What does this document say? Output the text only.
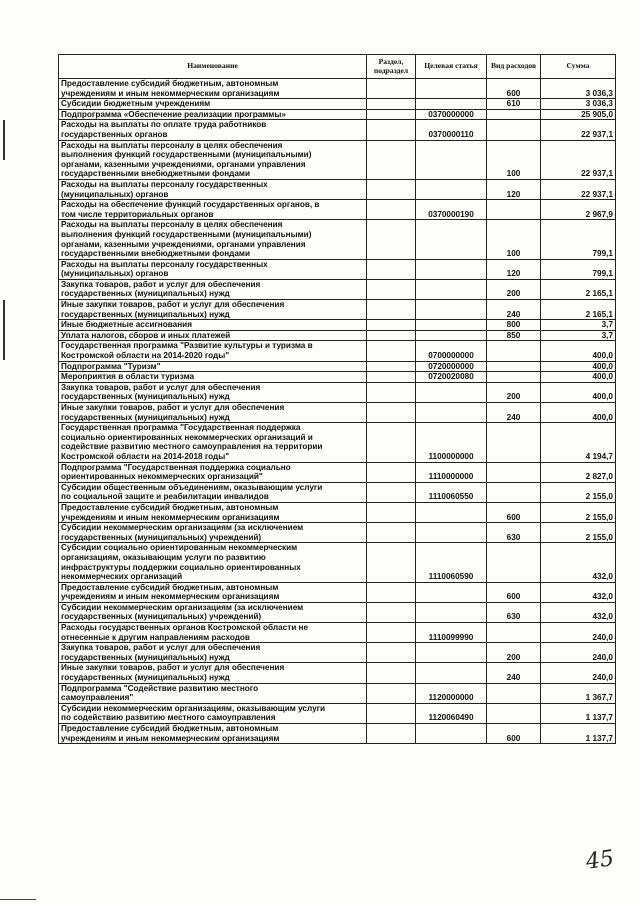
Наименование	Раздел, подраздел	Целевая статья	Вид расходов	Сумма

Предоставление субсидий бюджетным, автономным
учреждениям и иным некоммерческим организациям			600	3 036,3

Субсидии бюджетным учреждениям			610	3 036,3

Подпрограмма «Обеспечение реализации программы»		0370000000		25 905,0

Расходы на выплаты по оплате труда работников
государственных органов		0370000110		22 937,1

Расходы на выплаты персоналу в целях обеспечения
выполнения функций государственными (муниципальными)
органами, казенными учреждениями, органами управления
государственными внебюджетными фондами			100	22 937,1

Расходы на выплаты персоналу государственных
(муниципальных) органов			120	22 937,1

Расходы на обеспечение функций государственных органов, в
том числе территориальных органов		0370000190		2 967,9

Расходы на выплаты персоналу в целях обеспечения
выполнения функций государственными (муниципальными)
органами, казенными учреждениями, органами управления
государственными внебюджетными фондами			100	799,1

Расходы на выплаты персоналу государственных
(муниципальных) органов			120	799,1

Закупка товаров, работ и услуг для обеспечения
государственных (муниципальных) нужд			200	2 165,1

Иные закупки товаров, работ и услуг для обеспечения
государственных (муниципальных) нужд			240	2 165,1

Иные бюджетные ассигнования			800	3,7

Уплата налогов, сборов и иных платежей			850	3,7

Государственная программа "Развитие культуры и туризма в
Костромской области на 2014-2020 годы"		0700000000		400,0

Подпрограмма "Туризм"		0720000000		400,0

Мероприятия в области туризма		0720020080		400,0

Закупка товаров, работ и услуг для обеспечения
государственных (муниципальных) нужд			200	400,0

Иные закупки товаров, работ и услуг для обеспечения
государственных (муниципальных) нужд			240	400,0

Государственная программа "Государственная поддержка
социально ориентированных некоммерческих организаций и
содействие развитию местного самоуправления на территории
Костромской области на 2014-2018 годы"		1100000000		4 194,7

Подпрограмма "Государственная поддержка социально
ориентированных некоммерческих организаций"		1110000000		2 827,0

Субсидии общественным объединениям, оказывающим услуги
по социальной защите и реабилитации инвалидов		1110060550		2 155,0

Предоставление субсидий бюджетным, автономным
учреждениям и иным некоммерческим организациям			600	2 155,0

Субсидии некоммерческим организациям (за исключением
государственных (муниципальных) учреждений)			630	2 155,0

Субсидии социально ориентированным некоммерческим
организациям, оказывающим услуги по развитию
инфраструктуры поддержки социально ориентированных
некоммерческих организаций		1110060590		432,0

Предоставление субсидий бюджетным, автономным
учреждениям и иным некоммерческим организациям			600	432,0

Субсидии некоммерческим организациям (за исключением
государственных (муниципальных) учреждений)			630	432,0

Расходы государственных органов Костромской области не
отнесенные к другим направлениям расходов		1110099990		240,0

Закупка товаров, работ и услуг для обеспечения
государственных (муниципальных) нужд			200	240,0

Иные закупки товаров, работ и услуг для обеспечения
государственных (муниципальных) нужд			240	240,0

Подпрограмма "Содействие развитию местного
самоуправления"		1120000000		1 367,7

Субсидии некоммерческим организациям, оказывающим услуги
по содействию развитию местного самоуправления		1120060490		1 137,7

Предоставление субсидий бюджетным, автономным
учреждениям и иным некоммерческим организациям			600	1 137,7
45
